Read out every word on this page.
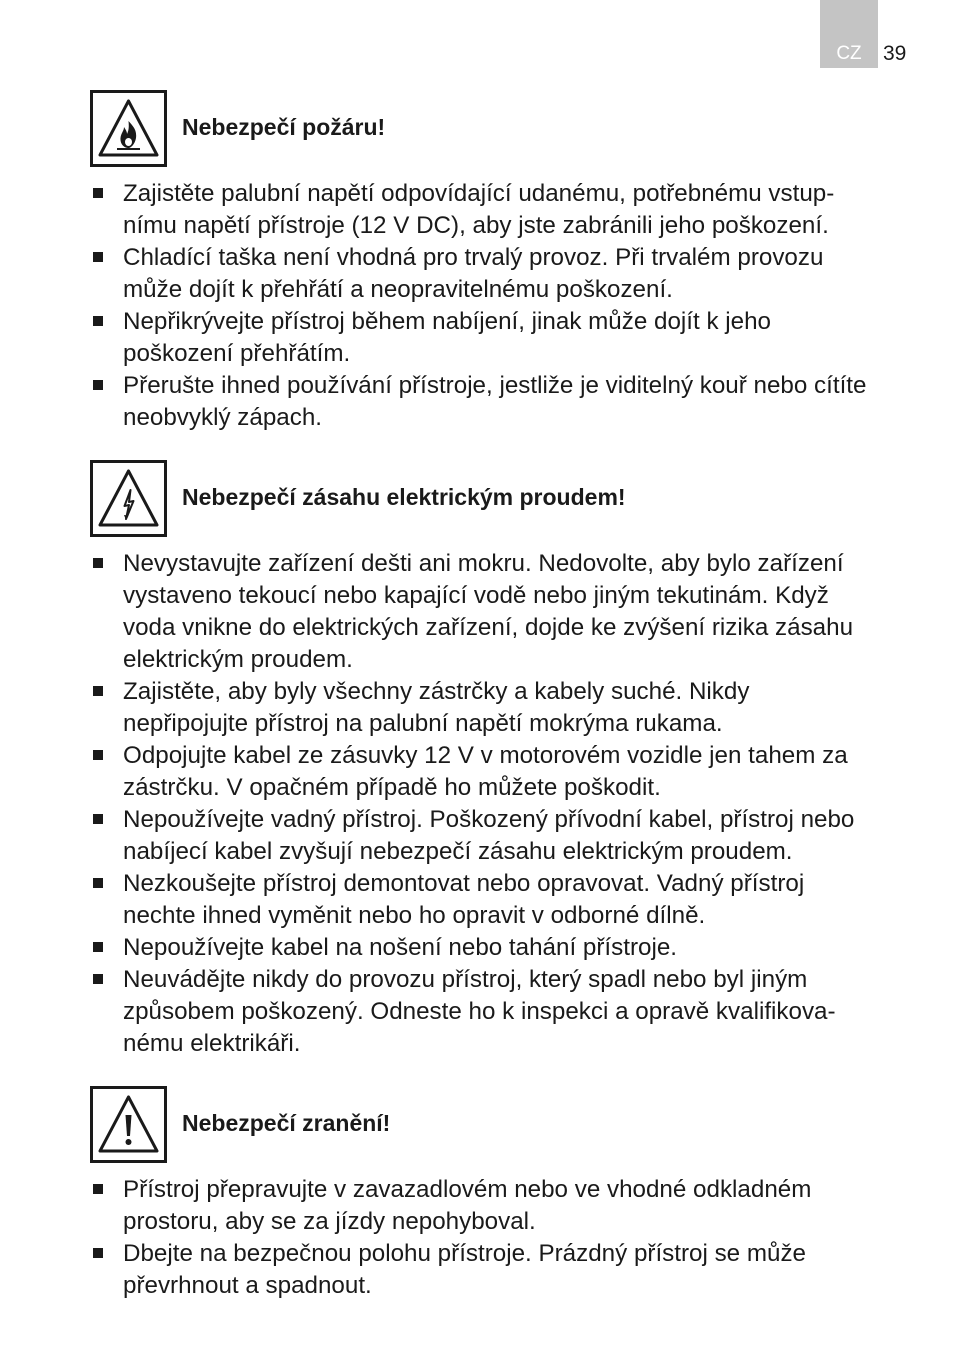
CZ	39
Nebezpečí požáru!
Zajistěte palubní napětí odpovídající udanému, potřebnému vstup-
nímu napětí přístroje (12 V DC), aby jste zabránili jeho poškození.
Chladící taška není vhodná pro trvalý provoz. Při trvalém provozu
může dojít k přehřátí a neopravitelnému poškození.
Nepřikrývejte přístroj během nabíjení, jinak může dojít k jeho
poškození přehřátím.
Přerušte ihned používání přístroje, jestliže je viditelný kouř nebo cítíte
neobvyklý zápach.
Nebezpečí zásahu elektrickým proudem!
Nevystavujte zařízení dešti ani mokru. Nedovolte, aby bylo zařízení
vystaveno tekoucí nebo kapající vodě nebo jiným tekutinám. Když
voda vnikne do elektrických zařízení, dojde ke zvýšení rizika zásahu
elektrickým proudem.
Zajistěte, aby byly všechny zástrčky a kabely suché. Nikdy
nepřipojujte přístroj na palubní napětí mokrýma rukama.
Odpojujte kabel ze zásuvky 12 V v motorovém vozidle jen tahem za
zástrčku. V opačném případě ho můžete poškodit.
Nepoužívejte vadný přístroj. Poškozený přívodní kabel, přístroj nebo
nabíjecí kabel zvyšují nebezpečí zásahu elektrickým proudem.
Nezkoušejte přístroj demontovat nebo opravovat. Vadný přístroj
nechte ihned vyměnit nebo ho opravit v odborné dílně.
Nepoužívejte kabel na nošení nebo tahání přístroje.
Neuvádějte nikdy do provozu přístroj, který spadl nebo byl jiným
způsobem poškozený. Odneste ho k inspekci a opravě kvalifikova-
nému elektrikáři.
Nebezpečí zranění!
Přístroj přepravujte v zavazadlovém nebo ve vhodné odkladném
prostoru, aby se za jízdy nepohyboval.
Dbejte na bezpečnou polohu přístroje. Prázdný přístroj se může
převrhnout a spadnout.
